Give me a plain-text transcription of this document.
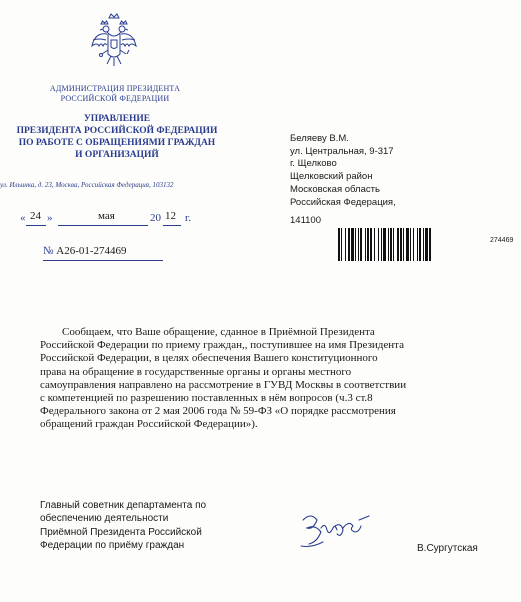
АДМИНИСТРАЦИЯ ПРЕЗИДЕНТА
РОССИЙСКОЙ ФЕДЕРАЦИИ
УПРАВЛЕНИЕ
ПРЕЗИДЕНТА РОССИЙСКОЙ ФЕДЕРАЦИИ
ПО РАБОТЕ С ОБРАЩЕНИЯМИ ГРАЖДАН
И ОРГАНИЗАЦИЙ
ул. Ильинка, д. 23, Москва, Российская Федерация, 103132
« 24 »	мая	20 12 г.
№ А26-01-274469
Беляеву В.М.
ул. Центральная, 9-317
г. Щелково
Щелковский район
Московская область
Российская Федерация,
141100
274469
Сообщаем, что Ваше обращение, сданное в Приёмной Президента
Российской Федерации по приему граждан,, поступившее на имя Президента
Российской Федерации, в целях обеспечения Вашего конституционного
права на обращение в государственные органы и органы местного
самоуправления направлено на рассмотрение в ГУВД Москвы в соответствии
с компетенцией по разрешению поставленных в нём вопросов (ч.3 ст.8
Федерального закона от 2 мая 2006 года № 59-ФЗ «О порядке рассмотрения
обращений граждан Российской Федерации»).
Главный советник департамента по
обеспечению деятельности
Приёмной Президента Российской
Федерации по приёму граждан	В.Сургутская
